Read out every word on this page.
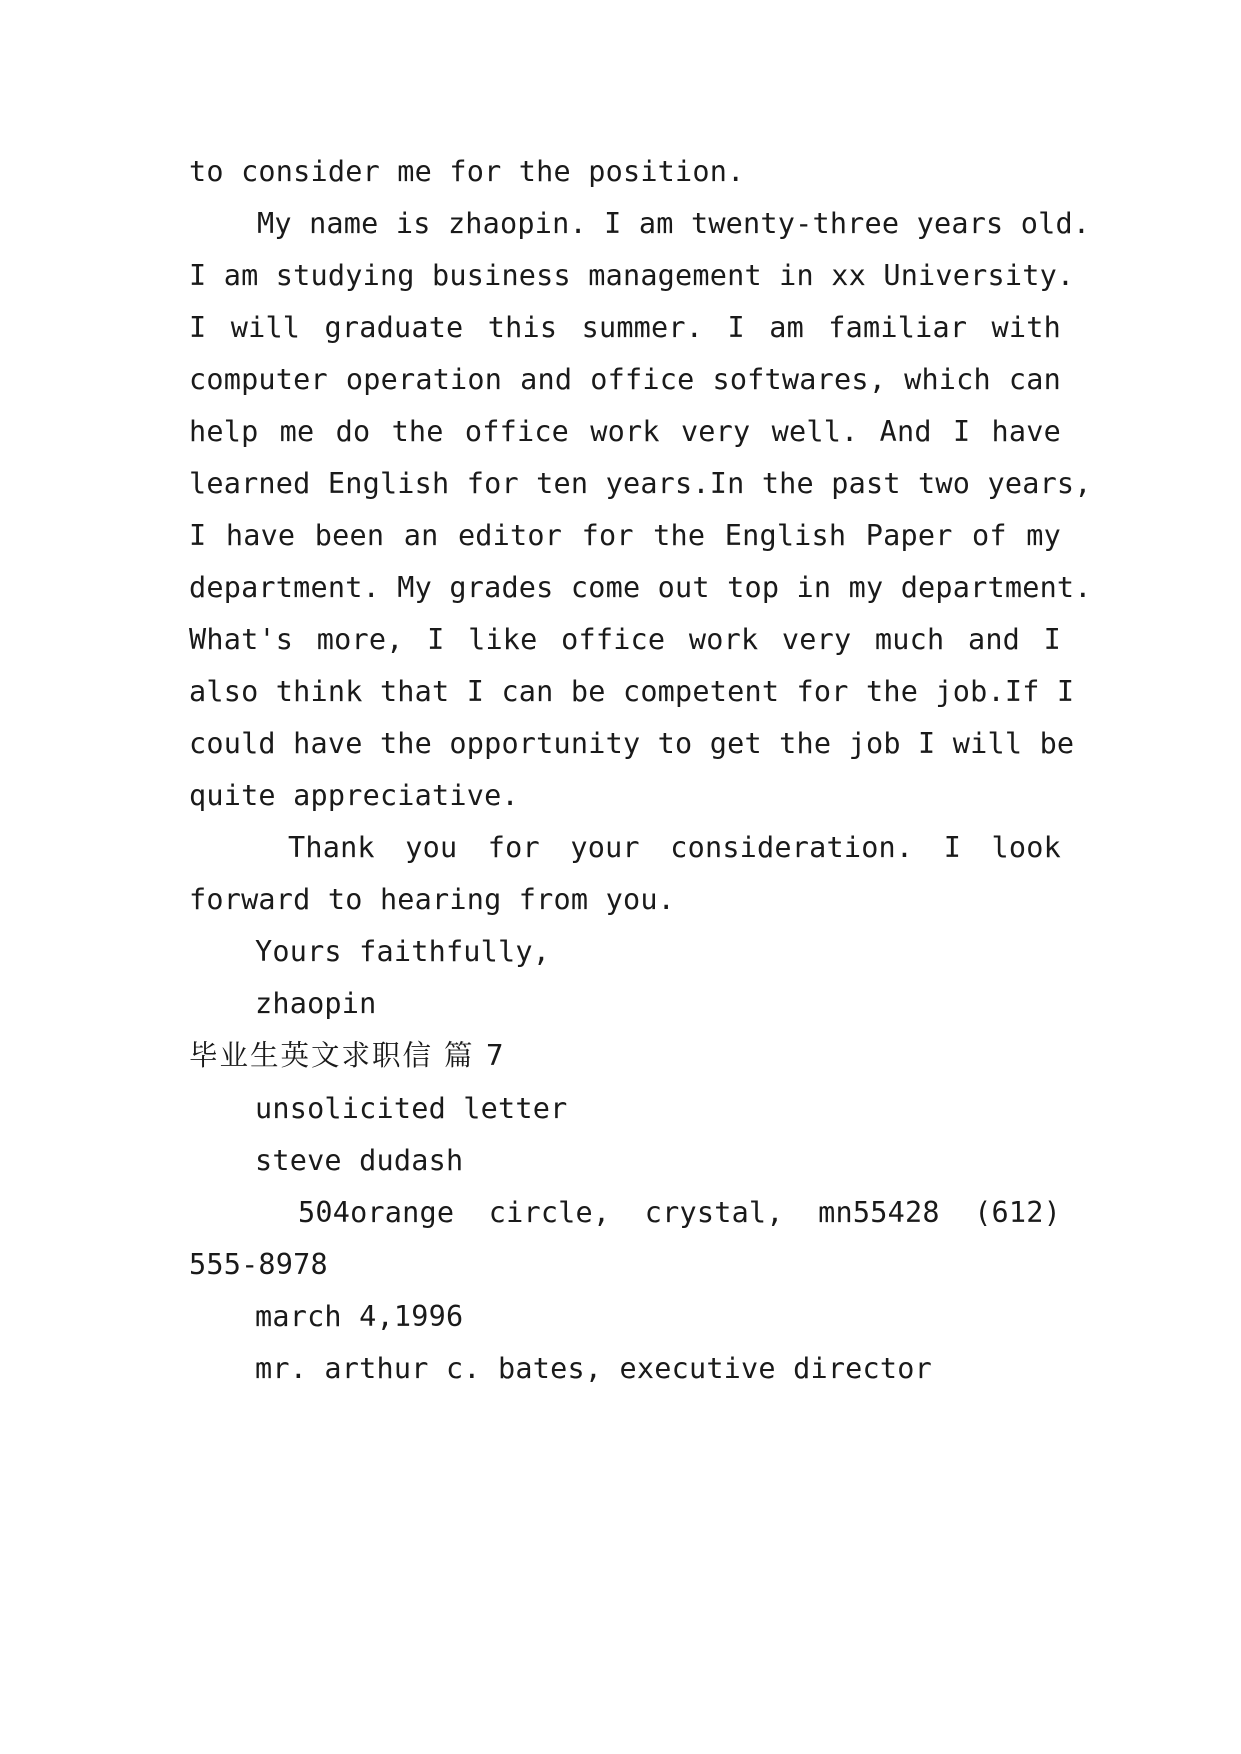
to consider me for the position.
My name is zhaopin. I am twenty-three years old.
I am studying business management in xx University.
I will graduate this summer. I am familiar with
computer operation and office softwares, which can
help me do the office work very well. And I have
learned English for ten years.In the past two years,
I have been an editor for the English Paper of my
department. My grades come out top in my department.
What's more, I like office work very much and I
also think that I can be competent for the job.If I
could have the opportunity to get the job I will be
quite appreciative.
Thank you for your consideration. I look
forward to hearing from you.
Yours faithfully,
zhaopin
毕业生英文求职信 篇 7
unsolicited letter
steve dudash
504orange circle, crystal, mn55428 (612)
555-8978
march 4,1996
mr. arthur c. bates, executive director
